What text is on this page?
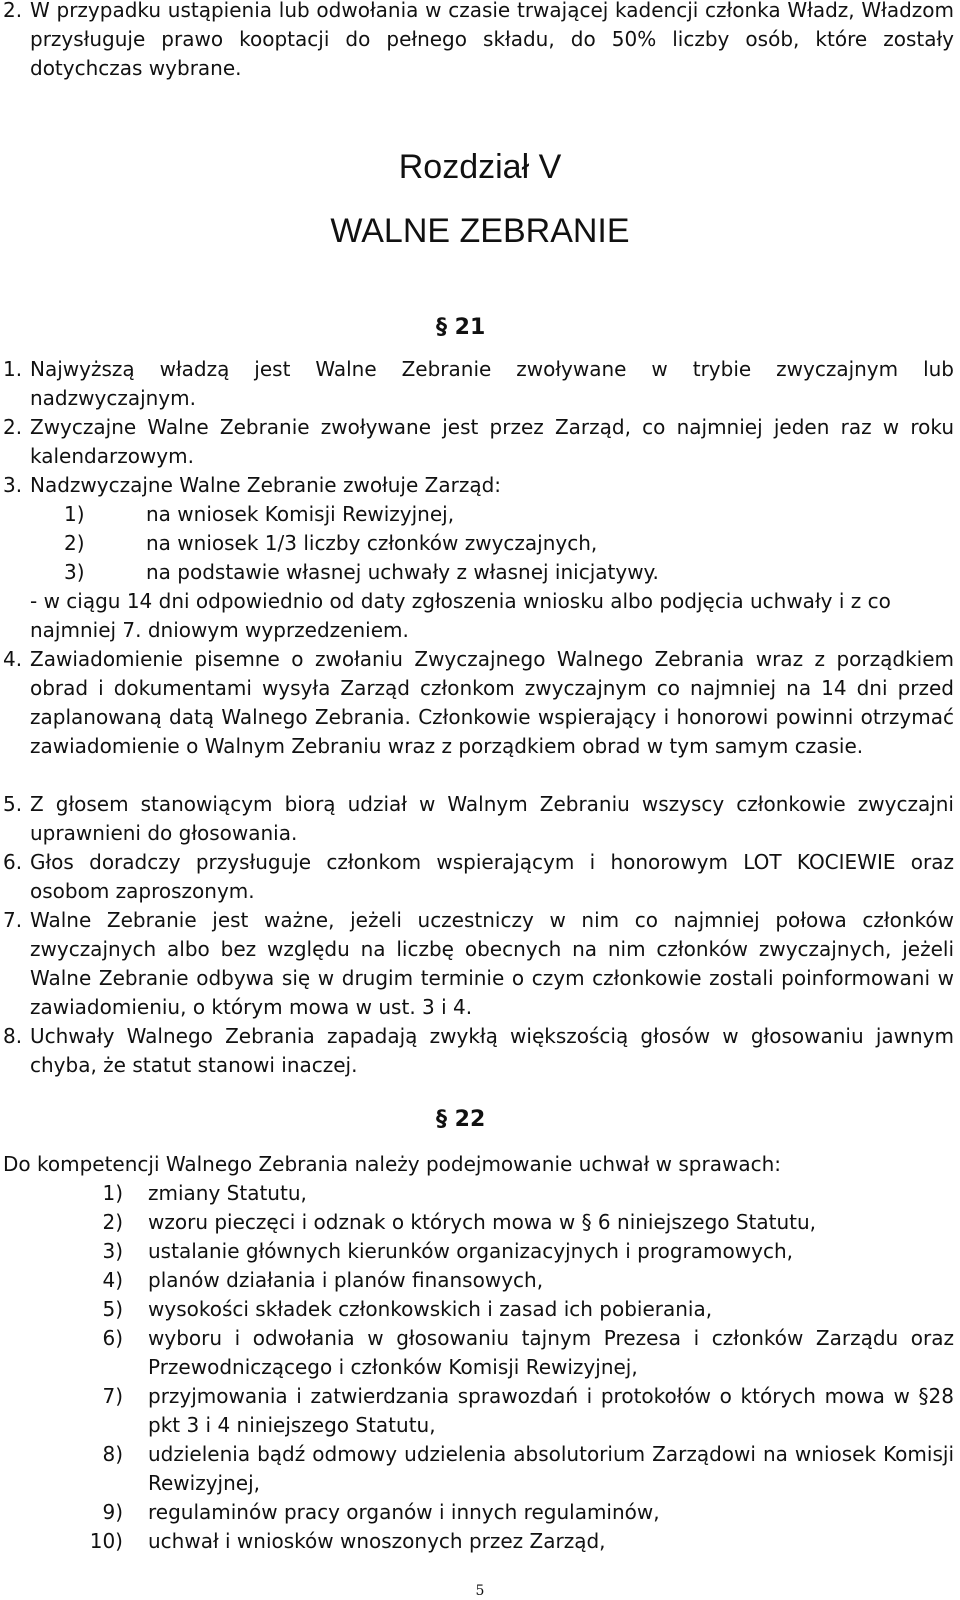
2. W przypadku ustąpienia lub odwołania w czasie trwającej kadencji członka Władz, Władzom przysługuje prawo kooptacji do pełnego składu, do 50% liczby osób, które zostały dotychczas wybrane.
Rozdział V
WALNE ZEBRANIE
§ 21
1. Najwyższą władzą jest Walne Zebranie zwoływane w trybie zwyczajnym lub nadzwyczajnym.
2. Zwyczajne Walne Zebranie zwoływane jest przez Zarząd, co najmniej jeden raz w roku kalendarzowym.
3. Nadzwyczajne Walne Zebranie zwołuje Zarząd:
1)	na wniosek Komisji Rewizyjnej,
2)	na wniosek 1/3 liczby członków zwyczajnych,
3)	na podstawie własnej uchwały z własnej inicjatywy.
- w ciągu 14 dni odpowiednio od daty zgłoszenia wniosku albo podjęcia uchwały i z co najmniej 7. dniowym wyprzedzeniem.
4. Zawiadomienie pisemne o zwołaniu Zwyczajnego Walnego Zebrania wraz z porządkiem obrad i dokumentami wysyła Zarząd członkom zwyczajnym co najmniej na 14 dni przed zaplanowaną datą Walnego Zebrania. Członkowie wspierający i honorowi powinni otrzymać zawiadomienie o Walnym Zebraniu wraz z porządkiem obrad w tym samym czasie.
5. Z głosem stanowiącym biorą udział w Walnym Zebraniu wszyscy członkowie zwyczajni uprawnieni do głosowania.
6. Głos doradczy przysługuje członkom wspierającym i honorowym LOT KOCIEWIE oraz osobom zaproszonym.
7. Walne Zebranie jest ważne, jeżeli uczestniczy w nim co najmniej połowa członków zwyczajnych albo bez względu na liczbę obecnych na nim członków zwyczajnych, jeżeli Walne Zebranie odbywa się w drugim terminie o czym członkowie zostali poinformowani w zawiadomieniu, o którym mowa w ust. 3 i 4.
8. Uchwały Walnego Zebrania zapadają zwykłą większością głosów w głosowaniu jawnym chyba, że statut stanowi inaczej.
§ 22
Do kompetencji Walnego Zebrania należy podejmowanie uchwał w sprawach:
1)	zmiany Statutu,
2)	wzoru pieczęci i odznak o których mowa w § 6 niniejszego Statutu,
3)	ustalanie głównych kierunków organizacyjnych i programowych,
4)	planów działania i planów finansowych,
5)	wysokości składek członkowskich i zasad ich pobierania,
6)	wyboru i odwołania w głosowaniu tajnym Prezesa i członków Zarządu oraz Przewodniczącego i członków Komisji Rewizyjnej,
7)	przyjmowania i zatwierdzania sprawozdań i protokołów o których mowa w §28 pkt 3 i 4 niniejszego Statutu,
8)	udzielenia bądź odmowy udzielenia absolutorium Zarządowi na wniosek Komisji Rewizyjnej,
9)	regulaminów pracy organów i innych regulaminów,
10)	uchwał i wniosków wnoszonych przez Zarząd,
5
